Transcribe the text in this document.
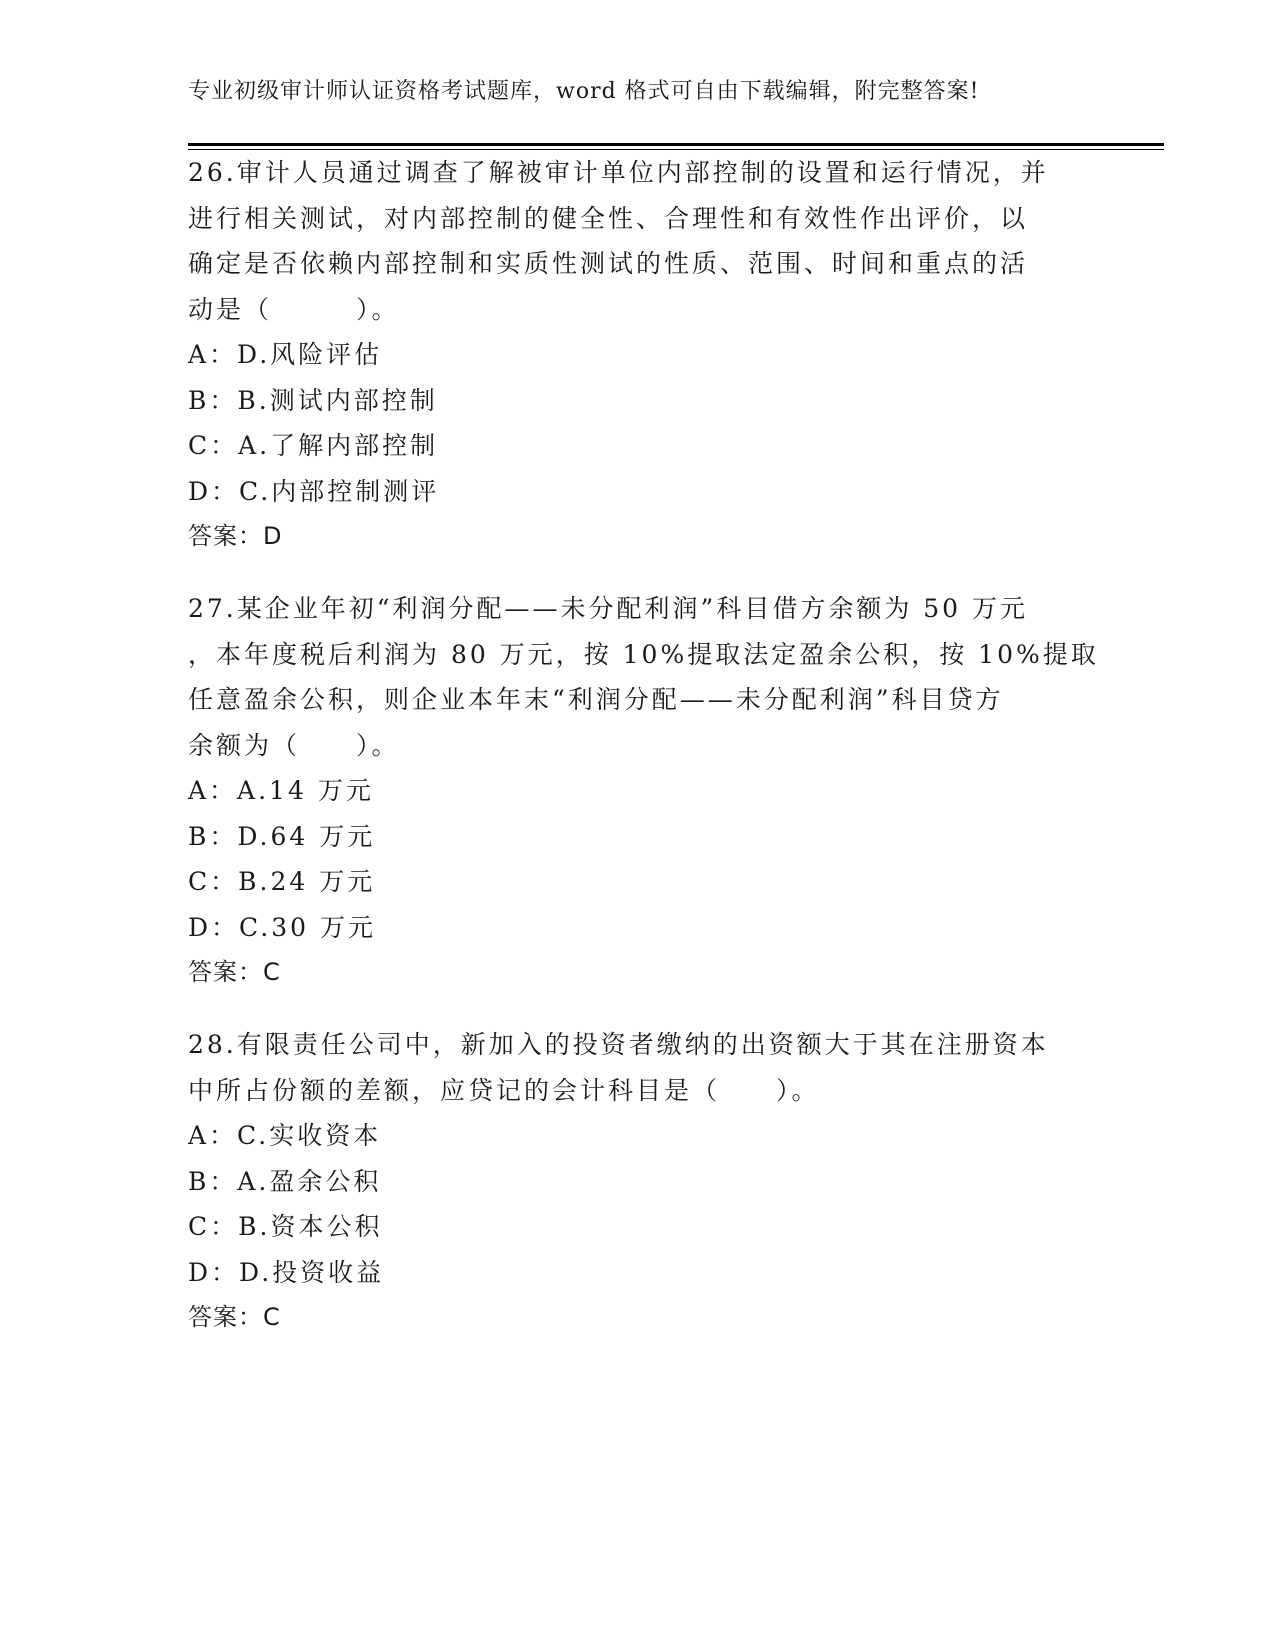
专业初级审计师认证资格考试题库，word 格式可自由下载编辑，附完整答案!

26.审计人员通过调查了解被审计单位内部控制的设置和运行情况，并
进行相关测试，对内部控制的健全性、合理性和有效性作出评价，以
确定是否依赖内部控制和实质性测试的性质、范围、时间和重点的活
动是（　　　）。

A：D.风险评估
B：B.测试内部控制
C：A.了解内部控制
D：C.内部控制测评
答案：D

27.某企业年初“利润分配——未分配利润”科目借方余额为 50 万元
，本年度税后利润为 80 万元，按 10%提取法定盈余公积，按 10%提取
任意盈余公积，则企业本年末“利润分配——未分配利润”科目贷方
余额为（　　）。

A：A.14 万元
B：D.64 万元
C：B.24 万元
D：C.30 万元
答案：C

28.有限责任公司中，新加入的投资者缴纳的出资额大于其在注册资本
中所占份额的差额，应贷记的会计科目是（　　）。

A：C.实收资本
B：A.盈余公积
C：B.资本公积
D：D.投资收益
答案：C
